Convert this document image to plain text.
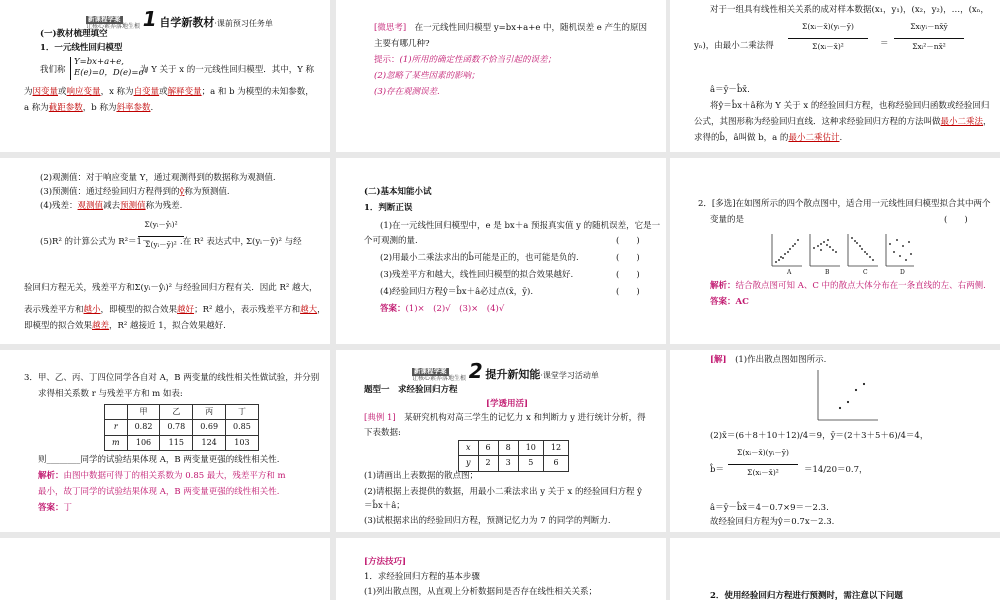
新课程学案
让核心素养落地生根 1 自学新教材·课前预习任务单
(一)教材梳理填空
1．一元线性回归模型
我们称
Y=bx+a+e,
E(e)=0，D(e)=σ²
为 Y 关于 x 的一元线性回归模型．其中，Y 称
为因变量或响应变量，x 称为自变量或解释变量；a 和 b 为模型的未知参数，
a 称为截距参数，b 称为斜率参数.
[微思考]　 在一元线性回归模型 y=bx+a+e 中，随机误差 e 产生的原因
主要有哪几种?
提示：(1)所用的确定性函数不恰当引起的误差；
(2)忽略了某些因素的影响；
(3)存在观测误差.
对于一组具有线性相关关系的成对样本数据(x₁，y₁)，(x₂，y₂)，…，(xₙ，
yₙ)，由最小二乘法得
Σ(xᵢ－x̄)(yᵢ－ȳ)

Σ(xᵢ－x̄)²	＝
Σxᵢyᵢ－nx̄ȳ

Σxᵢ²－nx̄²
â＝ȳ－b̂x̄.
将ŷ＝b̂x＋â称为 Y 关于 x 的经验回归方程，也称经验回归函数或经验回归
公式，其图形称为经验回归直线．这种求经验回归方程的方法叫做最小二乘法，
求得的b̂，â叫做 b，a 的最小二乘估计.
(2)观测值：对于响应变量 Y，通过观测得到的数据称为观测值.
(3)预测值：通过经验回归方程得到的ŷ称为预测值.
(4)残差：观测值减去预测值称为残差.
(5)R² 的计算公式为 R²＝1－
Σ(yᵢ－ŷᵢ)²

Σ(yᵢ－ȳ)² .在 R² 表达式中，
Σ(yᵢ－ȳ)² 与经
验回归方程无关，残差平方和Σ(yᵢ－ŷᵢ)² 与经验回归方程有关．因此 R² 越大，
表示残差平方和越小，即模型的拟合效果越好；R² 越小，表示残差平方和越大，
即模型的拟合效果越差，R² 越接近 1，拟合效果越好.
(二)基本知能小试
1．判断正误
(1)在一元线性回归模型中，e 是 bx＋a 预报真实值 y 的随机误差，它是一
个可观测的量.	(　　)
(2)用最小二乘法求出的b̂可能是正的，也可能是负的.	(　　)
(3)残差平方和越大，线性回归模型的拟合效果越好.	(　　)
(4)经验回归方程ŷ＝b̂x＋â必过点(x̄，ȳ).	(　　)
答案：(1)×　(2)√　(3)×　(4)√
2．[多选]在如图所示的四个散点图中，适合用一元线性回归模型拟合其中两个
变量的是	(　　)
A	B	C	D
解析：结合散点图可知 A、C 中的散点大体分布在一条直线的左、右两侧.
答案：AC
3．甲、乙、丙、丁四位同学各自对 A，B 两变量的线性相关性做试验，并分别
求得相关系数 r 与残差平方和 m 如表:
	甲	乙	丙	丁
r	0.82	0.78	0.69	0.85
m	106	115	124	103
则________同学的试验结果体现 A，B 两变量更强的线性相关性.
解析：由图中数据可得丁的相关系数为 0.85 最大，残差平方和 m
最小，故丁同学的试验结果体现 A，B 两变量更强的线性相关性.
答案：丁
新课程学案
让核心素养落地生根 2 提升新知能·课堂学习活动单
题型一　求经验回归方程
[学透用活]
[典例 1]　 某研究机构对高三学生的记忆力 x 和判断力 y 进行统计分析，得
下表数据:
x	6	8	10	12
y	2	3	5	6
(1)请画出上表数据的散点图；
(2)请根据上表提供的数据，用最小二乘法求出 y 关于 x 的经验回归方程 ŷ
＝b̂x＋â；
(3)试根据求出的经验回归方程，预测记忆力为 7 的同学的判断力.
[解]　 (1)作出散点图如图所示.
(2)x̄＝(6＋8＋10＋12)/4＝9，ȳ＝(2＋3＋5＋6)/4＝4，
b̂＝
Σ(xᵢ－x̄)(yᵢ－ȳ)

Σ(xᵢ－x̄)²	＝14/20＝0.7，
â＝ȳ－b̂x̄＝4－0.7×9＝－2.3.
故经验回归方程为ŷ＝0.7x－2.3.
[方法技巧]
1．求经验回归方程的基本步骤
(1)列出散点图，从直观上分析数据间是否存在线性相关关系；	2．使用经验回归方程进行预测时，需注意以下问题
